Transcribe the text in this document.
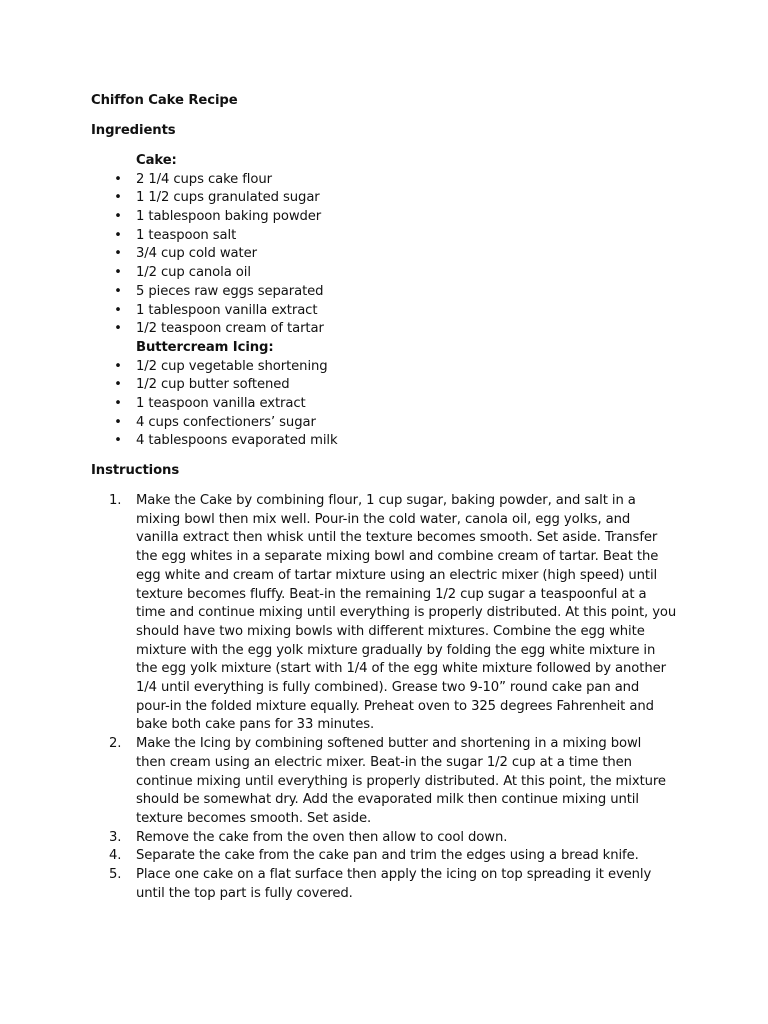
Chiffon Cake Recipe
Ingredients
Cake:
• 2 1/4 cups cake flour
• 1 1/2 cups granulated sugar
• 1 tablespoon baking powder
• 1 teaspoon salt
• 3/4 cup cold water
• 1/2 cup canola oil
• 5 pieces raw eggs separated
• 1 tablespoon vanilla extract
• 1/2 teaspoon cream of tartar
Buttercream Icing:
• 1/2 cup vegetable shortening
• 1/2 cup butter softened
• 1 teaspoon vanilla extract
• 4 cups confectioners’ sugar
• 4 tablespoons evaporated milk
Instructions
1.	Make the Cake by combining flour, 1 cup sugar, baking powder, and salt in a
mixing bowl then mix well. Pour-in the cold water, canola oil, egg yolks, and
vanilla extract then whisk until the texture becomes smooth. Set aside. Transfer
the egg whites in a separate mixing bowl and combine cream of tartar. Beat the
egg white and cream of tartar mixture using an electric mixer (high speed) until
texture becomes fluffy. Beat-in the remaining 1/2 cup sugar a teaspoonful at a
time and continue mixing until everything is properly distributed. At this point, you
should have two mixing bowls with different mixtures. Combine the egg white
mixture with the egg yolk mixture gradually by folding the egg white mixture in
the egg yolk mixture (start with 1/4 of the egg white mixture followed by another
1/4 until everything is fully combined). Grease two 9-10” round cake pan and
pour-in the folded mixture equally. Preheat oven to 325 degrees Fahrenheit and
bake both cake pans for 33 minutes.
2.	Make the Icing by combining softened butter and shortening in a mixing bowl
then cream using an electric mixer. Beat-in the sugar 1/2 cup at a time then
continue mixing until everything is properly distributed. At this point, the mixture
should be somewhat dry. Add the evaporated milk then continue mixing until
texture becomes smooth. Set aside.
3.	Remove the cake from the oven then allow to cool down.
4.	Separate the cake from the cake pan and trim the edges using a bread knife.
5.	Place one cake on a flat surface then apply the icing on top spreading it evenly
until the top part is fully covered.
